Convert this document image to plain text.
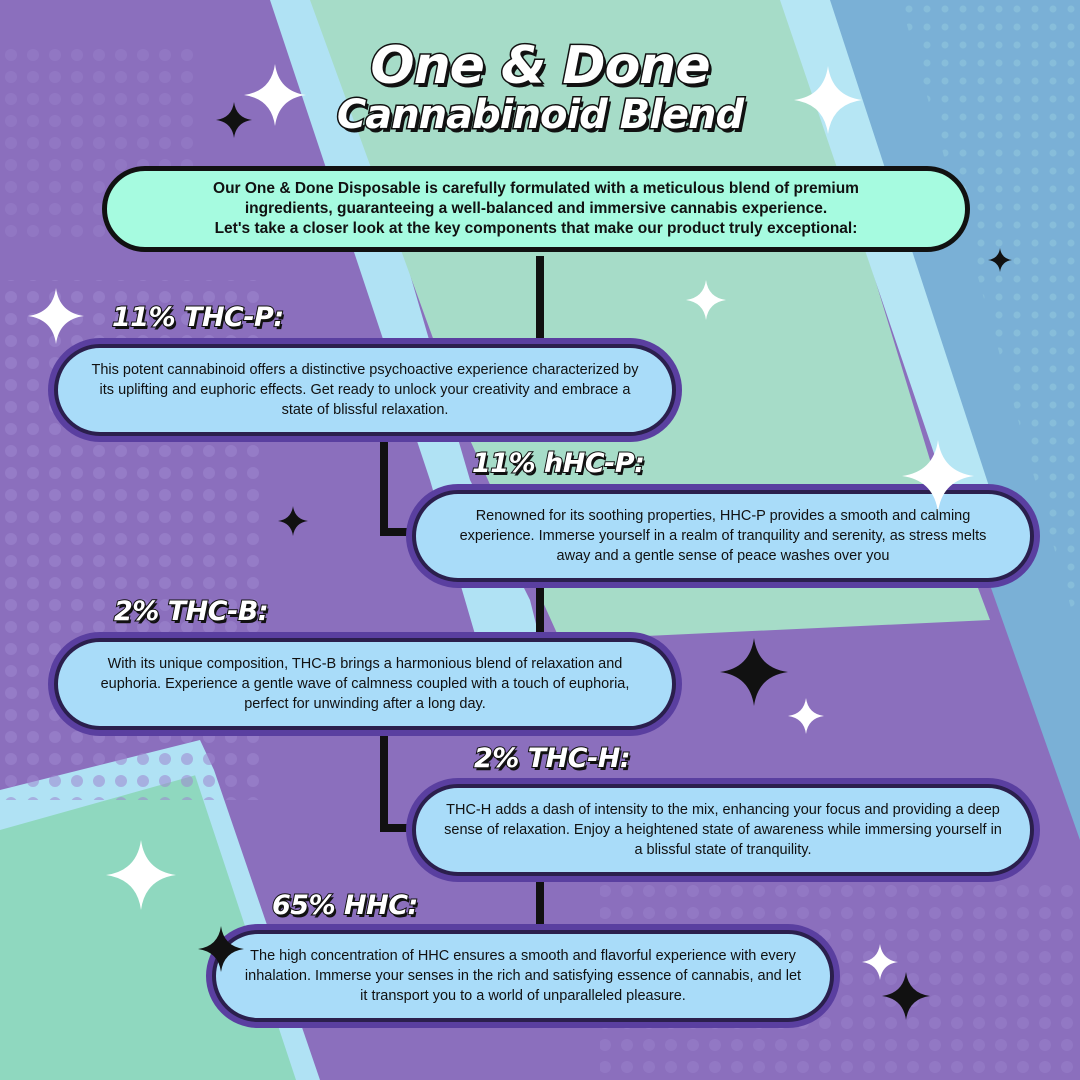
One & Done
Cannabinoid Blend

Our One & Done Disposable is carefully formulated with a meticulous blend of premium
ingredients, guaranteeing a well-balanced and immersive cannabis experience.
Let's take a closer look at the key components that make our product truly exceptional:

11% THC-P:
11% hHC-P:
2% THC-B:
2% THC-H:
65% HHC:

This potent cannabinoid offers a distinctive psychoactive experience characterized by its uplifting and euphoric effects. Get ready to unlock your creativity and embrace a state of blissful relaxation.

Renowned for its soothing properties, HHC-P provides a smooth and calming experience. Immerse yourself in a realm of tranquility and serenity, as stress melts away and a gentle sense of peace washes over you

With its unique composition, THC-B brings a harmonious blend of relaxation and euphoria. Experience a gentle wave of calmness coupled with a touch of euphoria, perfect for unwinding after a long day.

THC-H adds a dash of intensity to the mix, enhancing your focus and providing a deep sense of relaxation. Enjoy a heightened state of awareness while immersing yourself in a blissful state of tranquility.

The high concentration of HHC ensures a smooth and flavorful experience with every inhalation. Immerse your senses in the rich and satisfying essence of cannabis, and let it transport you to a world of unparalleled pleasure.
